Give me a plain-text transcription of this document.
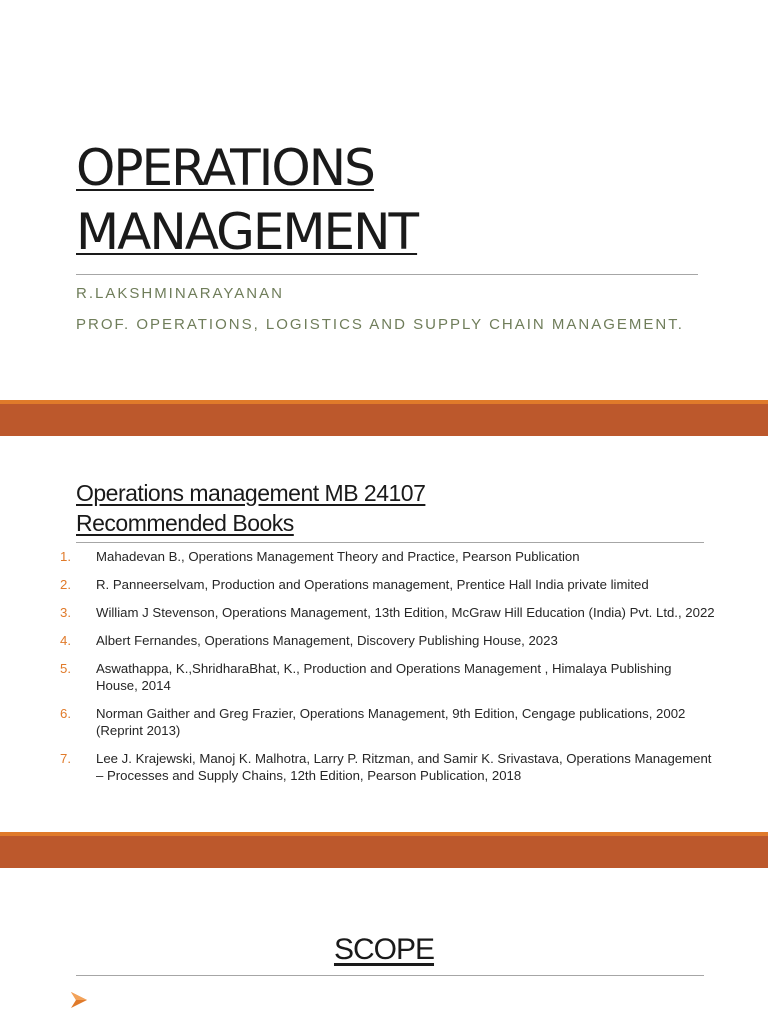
OPERATIONS
MANAGEMENT

R.LAKSHMINARAYANAN

PROF. OPERATIONS, LOGISTICS AND SUPPLY CHAIN MANAGEMENT.

Operations management MB 24107
Recommended Books
1.	Mahadevan B., Operations Management Theory and Practice, Pearson Publication
2.	R. Panneerselvam, Production and Operations management, Prentice Hall India private limited
3.	William J Stevenson, Operations Management, 13th Edition, McGraw Hill Education (India) Pvt. Ltd., 2022
4.	Albert Fernandes, Operations Management, Discovery Publishing House, 2023
5.	Aswathappa, K.,ShridharaBhat, K., Production and Operations Management , Himalaya Publishing House, 2014
6.	Norman Gaither and Greg Frazier, Operations Management, 9th Edition, Cengage publications, 2002 (Reprint 2013)
7.	Lee J. Krajewski, Manoj K. Malhotra, Larry P. Ritzman, and Samir K. Srivastava, Operations Management – Processes and Supply Chains, 12th Edition, Pearson Publication, 2018
SCOPE
